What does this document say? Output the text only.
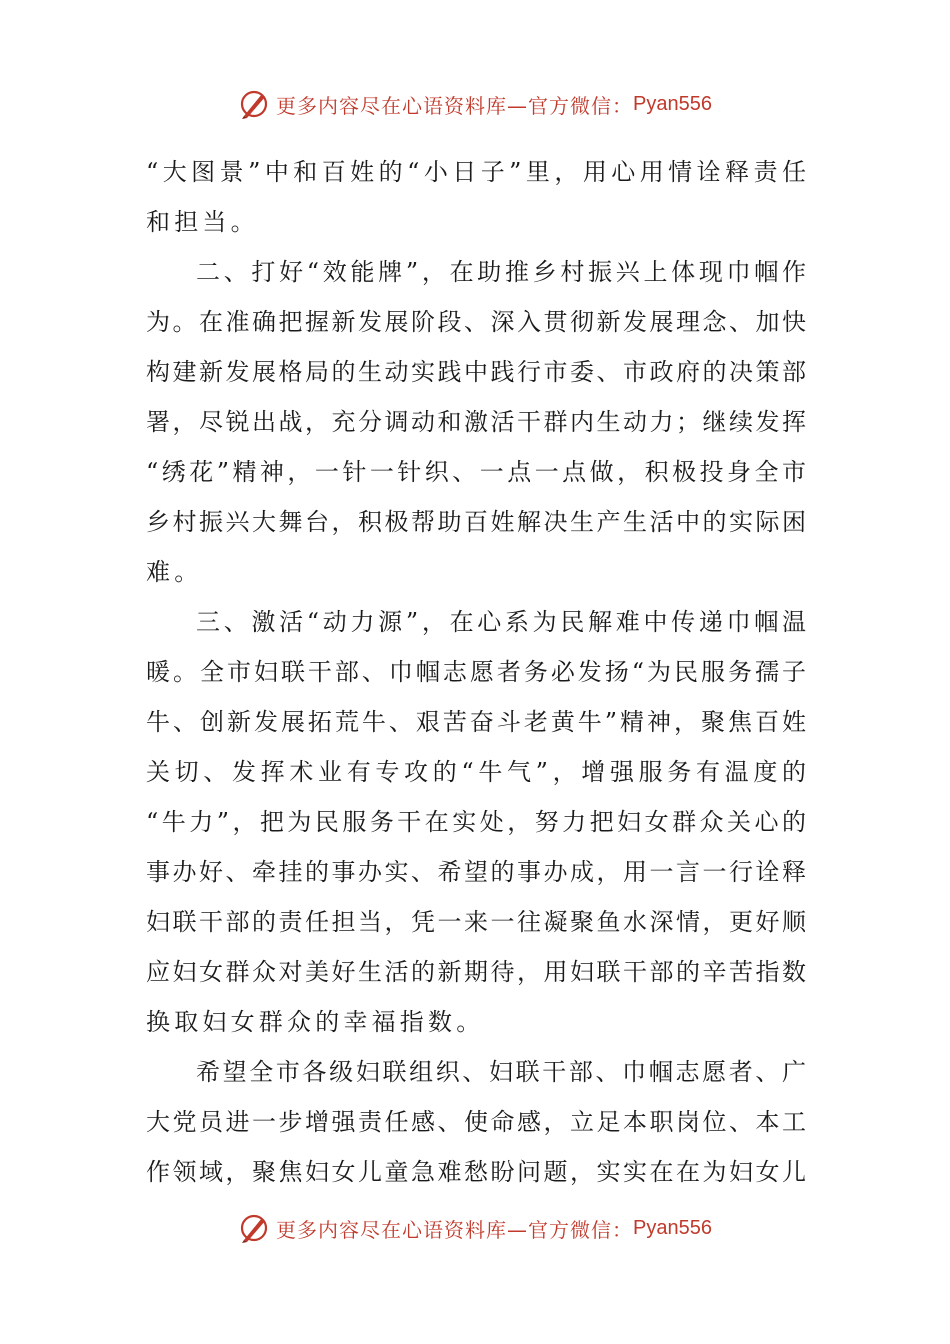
更多内容尽在心语资料库—官方微信： Pyan556
“大图景”中和百姓的“小日子”里，用心用情诠释责任
和担当。
二、打好“效能牌”，在助推乡村振兴上体现巾帼作
为。在准确把握新发展阶段、深入贯彻新发展理念、加快
构建新发展格局的生动实践中践行市委、市政府的决策部
署，尽锐出战，充分调动和激活干群内生动力；继续发挥
“绣花”精神，一针一针织、一点一点做，积极投身全市
乡村振兴大舞台，积极帮助百姓解决生产生活中的实际困
难。
三、激活“动力源”，在心系为民解难中传递巾帼温
暖。全市妇联干部、巾帼志愿者务必发扬“为民服务孺子
牛、创新发展拓荒牛、艰苦奋斗老黄牛”精神，聚焦百姓
关切、发挥术业有专攻的“牛气”，增强服务有温度的
“牛力”，把为民服务干在实处，努力把妇女群众关心的
事办好、牵挂的事办实、希望的事办成，用一言一行诠释
妇联干部的责任担当，凭一来一往凝聚鱼水深情，更好顺
应妇女群众对美好生活的新期待，用妇联干部的辛苦指数
换取妇女群众的幸福指数。
希望全市各级妇联组织、妇联干部、巾帼志愿者、广
大党员进一步增强责任感、使命感，立足本职岗位、本工
作领域，聚焦妇女儿童急难愁盼问题，实实在在为妇女儿
更多内容尽在心语资料库—官方微信： Pyan556
